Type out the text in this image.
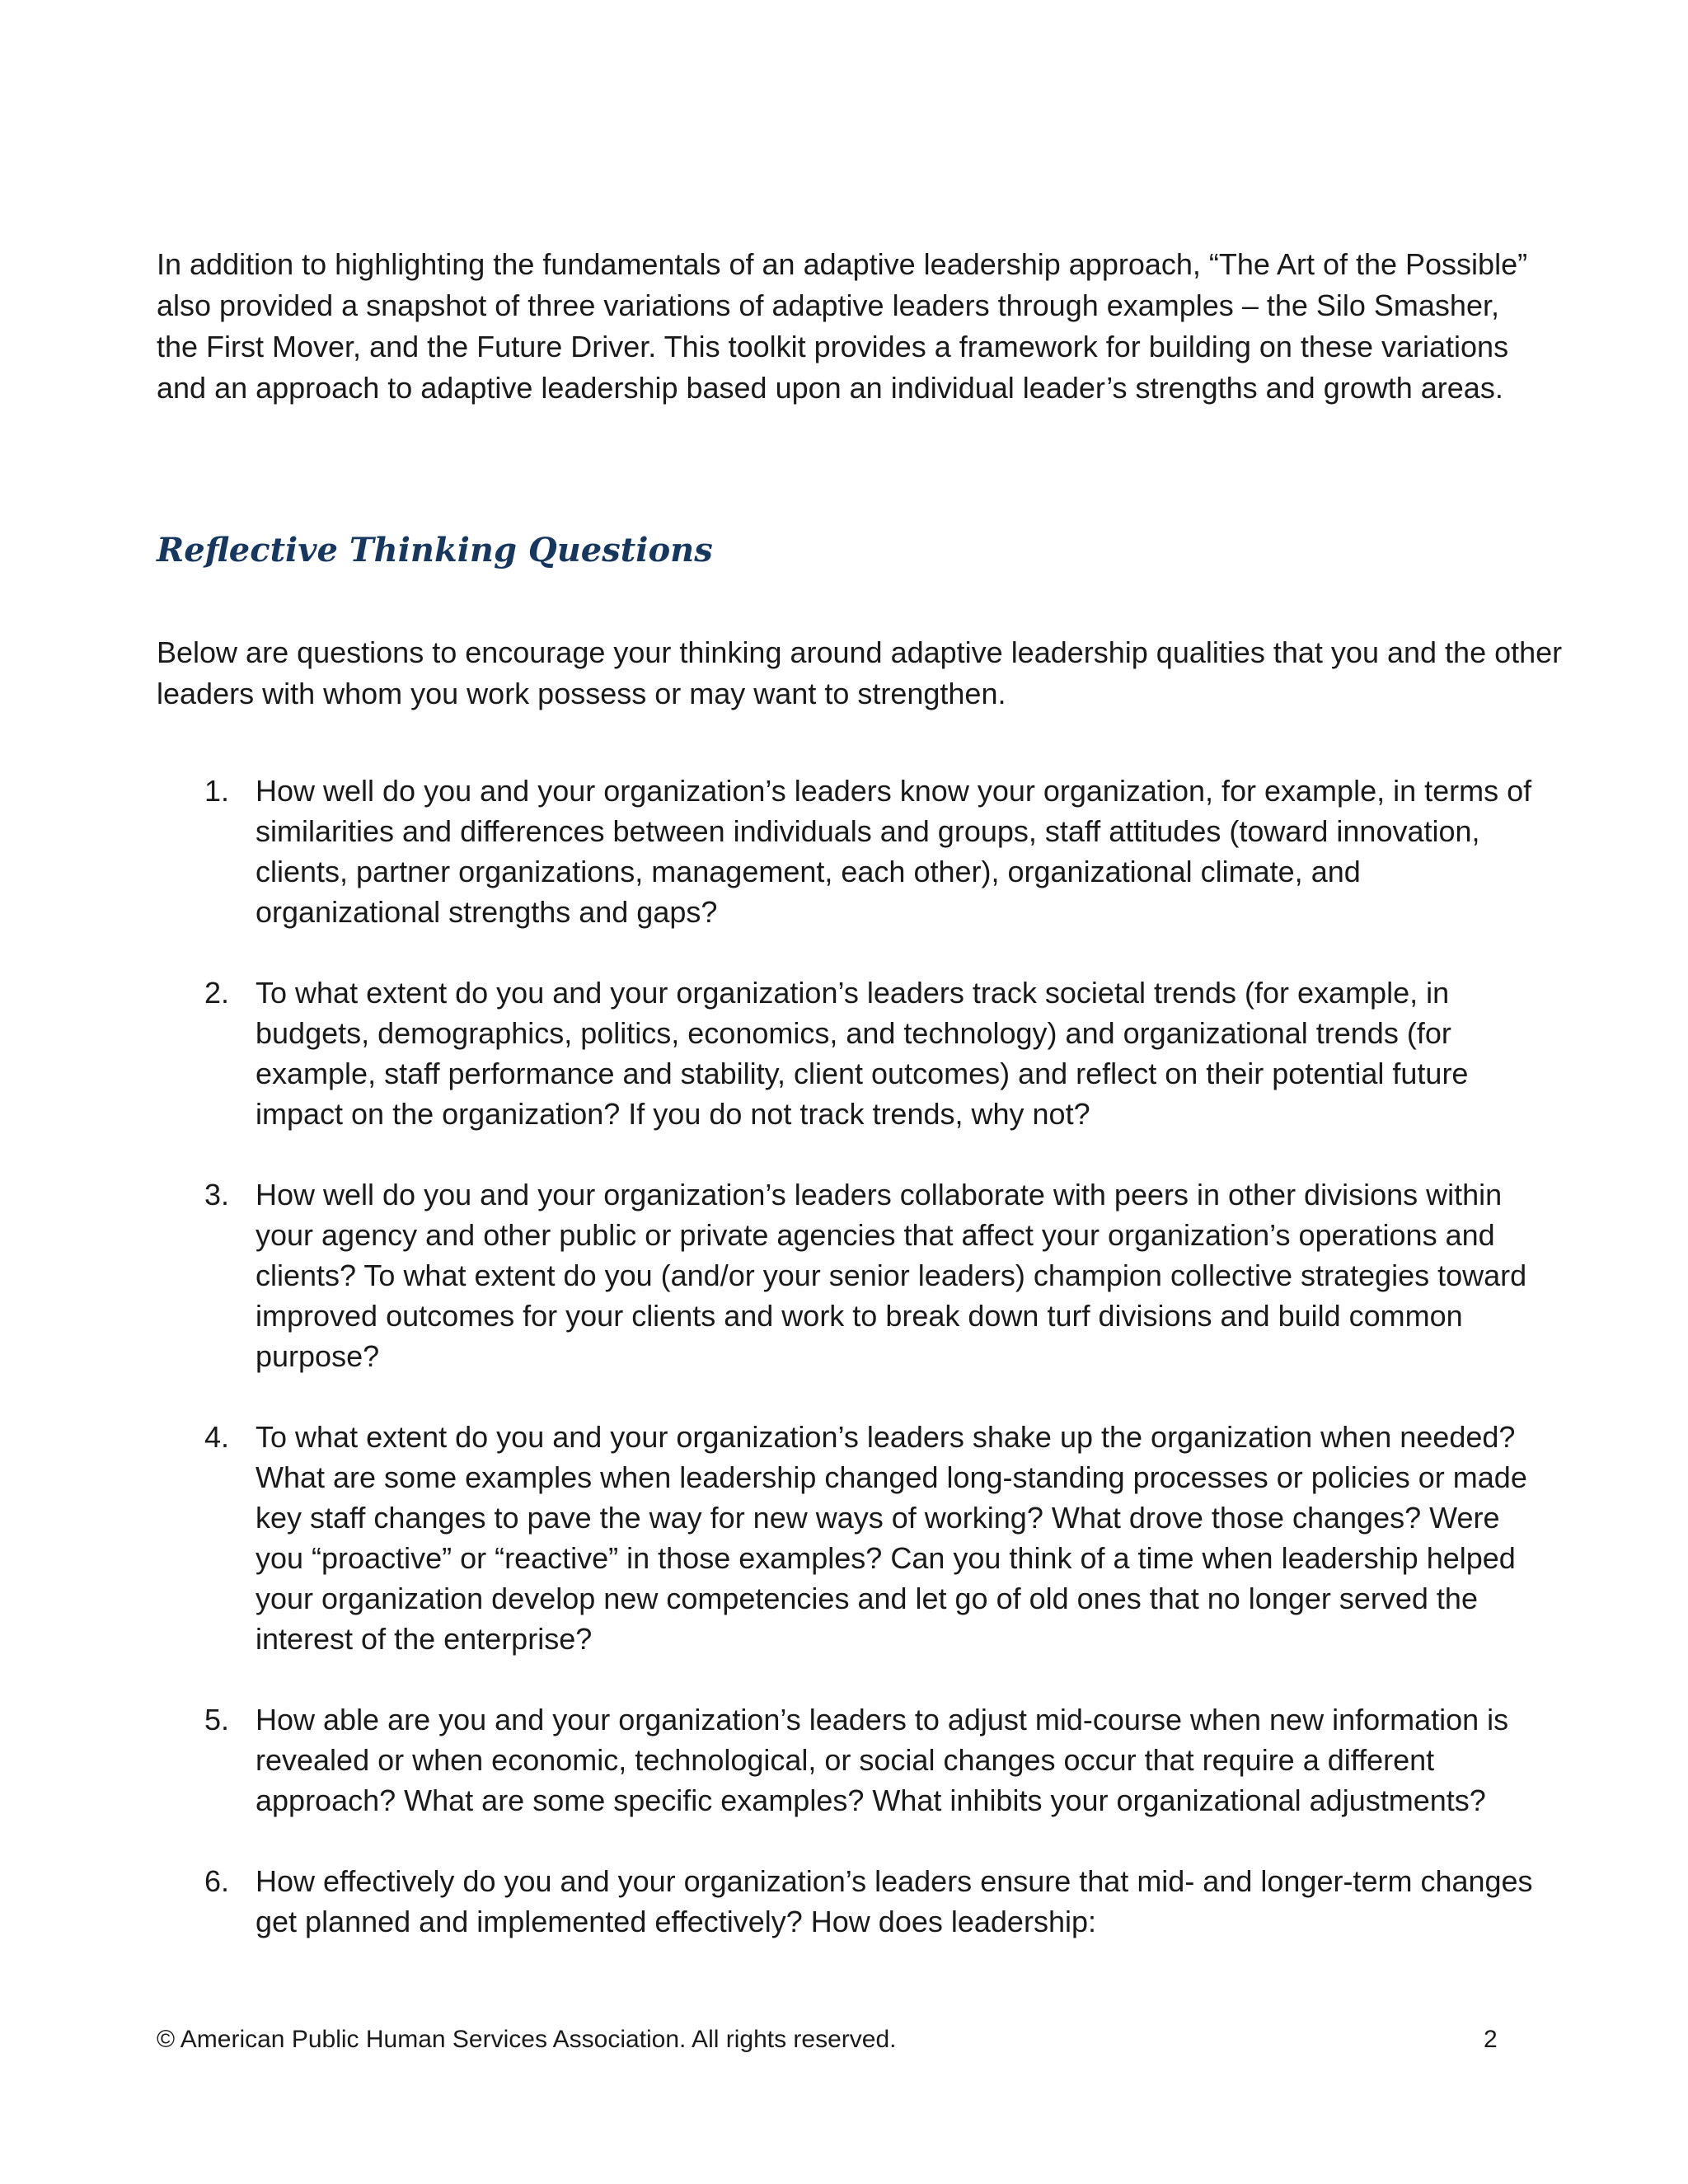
In addition to highlighting the fundamentals of an adaptive leadership approach, “The Art of the Possible” also provided a snapshot of three variations of adaptive leaders through examples – the Silo Smasher, the First Mover, and the Future Driver. This toolkit provides a framework for building on these variations and an approach to adaptive leadership based upon an individual leader’s strengths and growth areas.

Reflective Thinking Questions

Below are questions to encourage your thinking around adaptive leadership qualities that you and the other leaders with whom you work possess or may want to strengthen.

1. How well do you and your organization’s leaders know your organization, for example, in terms of similarities and differences between individuals and groups, staff attitudes (toward innovation, clients, partner organizations, management, each other), organizational climate, and organizational strengths and gaps?
2. To what extent do you and your organization’s leaders track societal trends (for example, in budgets, demographics, politics, economics, and technology) and organizational trends (for example, staff performance and stability, client outcomes) and reflect on their potential future impact on the organization? If you do not track trends, why not?
3. How well do you and your organization’s leaders collaborate with peers in other divisions within your agency and other public or private agencies that affect your organization’s operations and clients? To what extent do you (and/or your senior leaders) champion collective strategies toward improved outcomes for your clients and work to break down turf divisions and build common purpose?
4. To what extent do you and your organization’s leaders shake up the organization when needed? What are some examples when leadership changed long-standing processes or policies or made key staff changes to pave the way for new ways of working? What drove those changes? Were you “proactive” or “reactive” in those examples? Can you think of a time when leadership helped your organization develop new competencies and let go of old ones that no longer served the interest of the enterprise?
5. How able are you and your organization’s leaders to adjust mid-course when new information is revealed or when economic, technological, or social changes occur that require a different approach? What are some specific examples? What inhibits your organizational adjustments?
6. How effectively do you and your organization’s leaders ensure that mid- and longer-term changes get planned and implemented effectively? How does leadership:
© American Public Human Services Association. All rights reserved.	2
